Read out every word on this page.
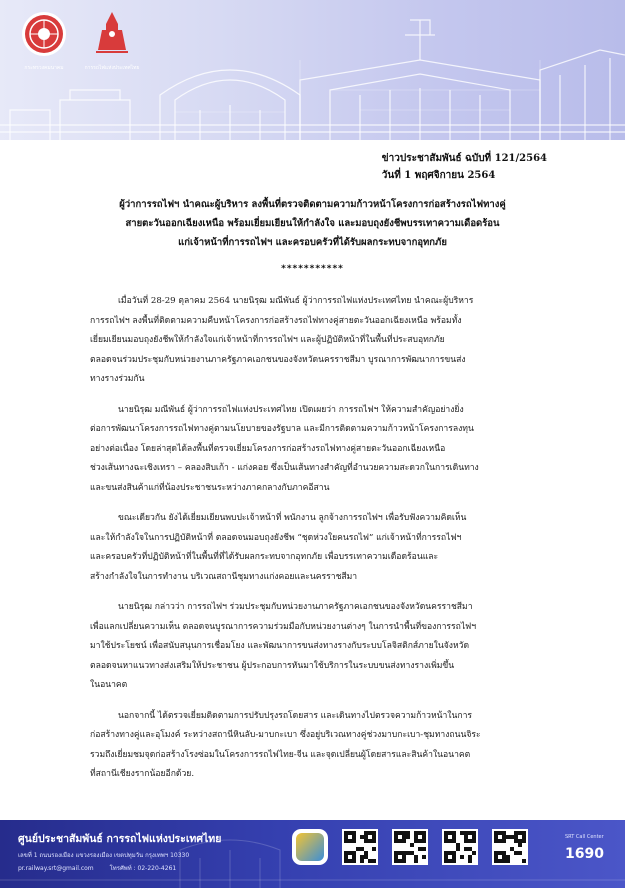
กระทรวงคมนาคม	การรถไฟแห่งประเทศไทย
ข่าวประชาสัมพันธ์ ฉบับที่ 121/2564
วันที่ 1 พฤศจิกายน 2564
ผู้ว่าการรถไฟฯ นำคณะผู้บริหาร ลงพื้นที่ตรวจติดตามความก้าวหน้าโครงการก่อสร้างรถไฟทางคู่
สายตะวันออกเฉียงเหนือ พร้อมเยี่ยมเยียนให้กำลังใจ และมอบถุงยังชีพบรรเทาความเดือดร้อน
แก่เจ้าหน้าที่การรถไฟฯ และครอบครัวที่ได้รับผลกระทบจากอุทกภัย
***********
เมื่อวันที่ 28-29 ตุลาคม 2564 นายนิรุฒ มณีพันธ์ ผู้ว่าการรถไฟแห่งประเทศไทย นำคณะผู้บริหาร
การรถไฟฯ ลงพื้นที่ติดตามความคืบหน้าโครงการก่อสร้างรถไฟทางคู่สายตะวันออกเฉียงเหนือ พร้อมทั้ง
เยี่ยมเยียนมอบถุงยังชีพให้กำลังใจแก่เจ้าหน้าที่การรถไฟฯ และผู้ปฏิบัติหน้าที่ในพื้นที่ประสบอุทกภัย
ตลอดจนร่วมประชุมกับหน่วยงานภาครัฐภาคเอกชนของจังหวัดนครราชสีมา บูรณาการพัฒนาการขนส่ง
ทางรางร่วมกัน
นายนิรุฒ มณีพันธ์ ผู้ว่าการรถไฟแห่งประเทศไทย เปิดเผยว่า การรถไฟฯ ให้ความสำคัญอย่างยิ่ง
ต่อการพัฒนาโครงการรถไฟทางคู่ตามนโยบายของรัฐบาล และมีการติดตามความก้าวหน้าโครงการลงทุน
อย่างต่อเนื่อง โดยล่าสุดได้ลงพื้นที่ตรวจเยี่ยมโครงการก่อสร้างรถไฟทางคู่สายตะวันออกเฉียงเหนือ
ช่วงเส้นทางฉะเชิงเทรา – คลองสิบเก้า - แก่งคอย ซึ่งเป็นเส้นทางสำคัญที่อำนวยความสะดวกในการเดินทาง
และขนส่งสินค้าแก่ที่น้องประชาชนระหว่างภาคกลางกับภาคอีสาน
ขณะเดียวกัน ยังได้เยี่ยมเยียนพบปะเจ้าหน้าที่ พนักงาน ลูกจ้างการรถไฟฯ เพื่อรับฟังความคิดเห็น
และให้กำลังใจในการปฏิบัติหน้าที่ ตลอดจนมอบถุงยังชีพ “ชุดห่วงใยคนรถไฟ” แก่เจ้าหน้าที่การรถไฟฯ
และครอบครัวที่ปฏิบัติหน้าที่ในพื้นที่ที่ได้รับผลกระทบจากอุทกภัย เพื่อบรรเทาความเดือดร้อนและ
สร้างกำลังใจในการทำงาน บริเวณสถานีชุมทางแก่งคอยและนครราชสีมา
นายนิรุฒ กล่าวว่า การรถไฟฯ ร่วมประชุมกับหน่วยงานภาครัฐภาคเอกชนของจังหวัดนครราชสีมา
เพื่อแลกเปลี่ยนความเห็น ตลอดจนบูรณาการความร่วมมือกับหน่วยงานต่างๆ ในการนำพื้นที่ของการรถไฟฯ
มาใช้ประโยชน์ เพื่อสนับสนุนการเชื่อมโยง และพัฒนาการขนส่งทางรางกับระบบโลจิสติกส์ภายในจังหวัด
ตลอดจนหาแนวทางส่งเสริมให้ประชาชน ผู้ประกอบการหันมาใช้บริการในระบบขนส่งทางรางเพิ่มขึ้น
ในอนาคต
นอกจากนี้ ได้ตรวจเยี่ยมติดตามการปรับปรุงรถโดยสาร และเดินทางไปตรวจความก้าวหน้าในการ
ก่อสร้างทางคู่และอุโมงค์ ระหว่างสถานีหินลับ-มาบกะเบา ซึ่งอยู่บริเวณทางคู่ช่วงมาบกะเบา-ชุมทางถนนจิระ
รวมถึงเยี่ยมชมจุดก่อสร้างโรงซ่อมในโครงการรถไฟไทย-จีน และจุดเปลี่ยนผู้โดยสารและสินค้าในอนาคต
ที่สถานีเชียงรากน้อยอีกด้วย.
ศูนย์ประชาสัมพันธ์ การรถไฟแห่งประเทศไทย
เลขที่ 1 ถนนรองเมือง แขวงรองเมือง เขตปทุมวัน กรุงเทพฯ 10330
pr.railway.srt@gmail.com	โทรศัพท์ : 02-220-4261
SRT Call Center
1690
